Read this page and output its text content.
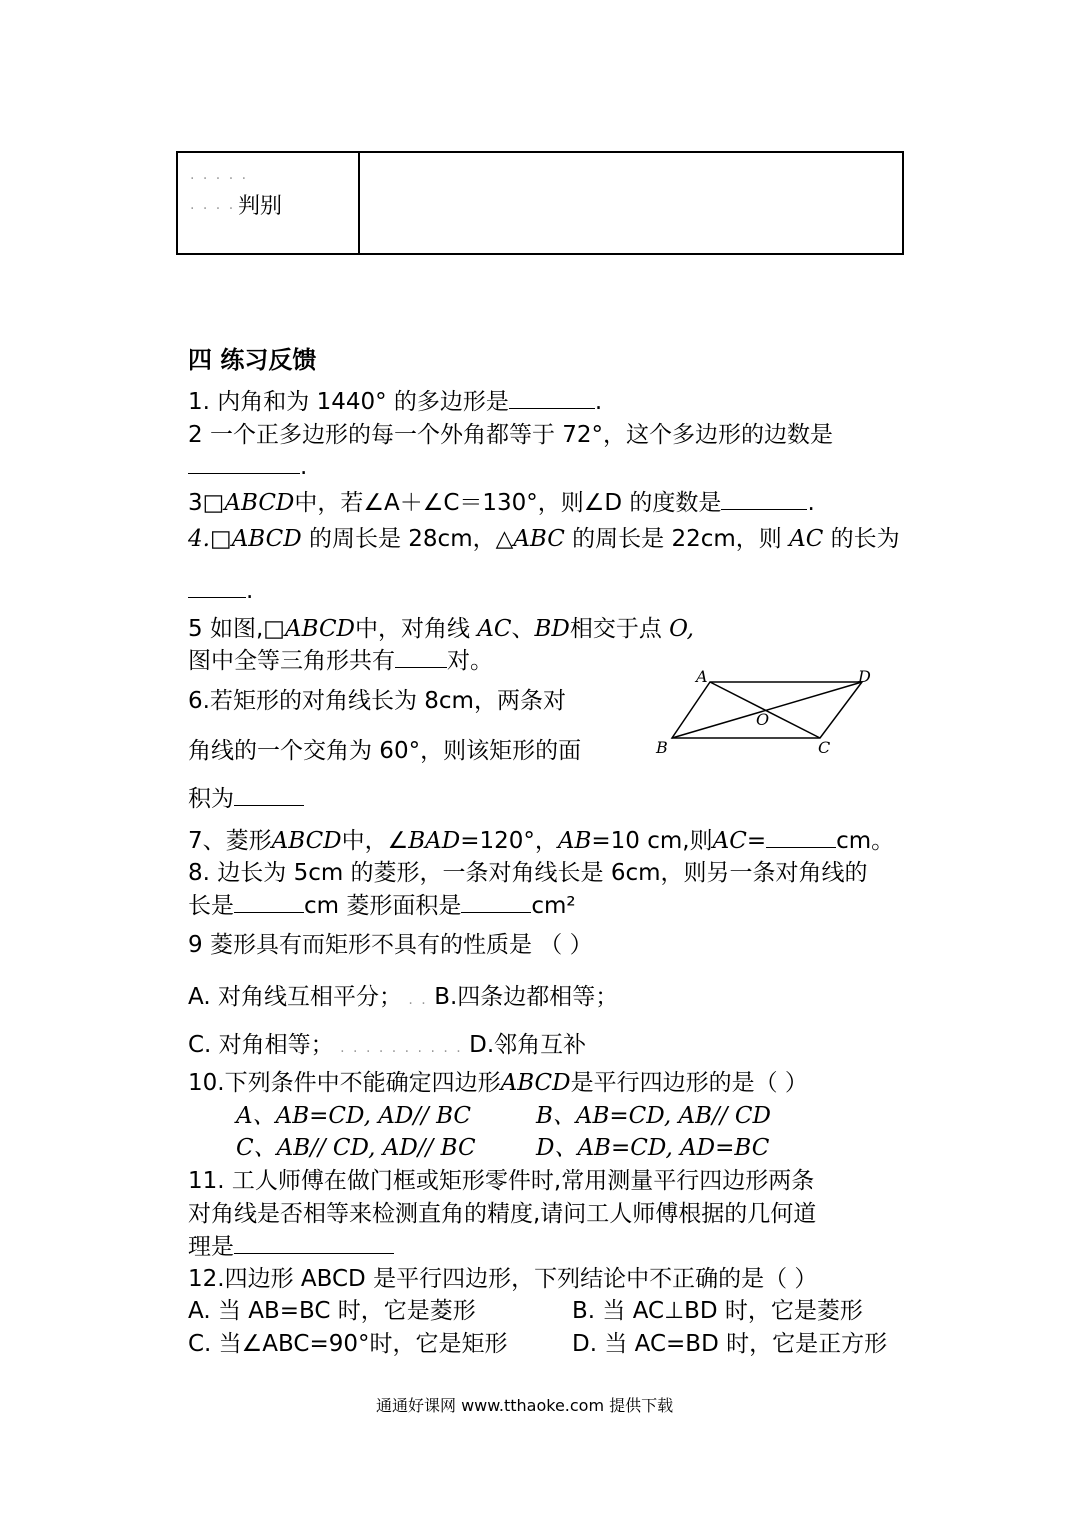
. . . . .
. . . . 判别
四 练习反馈
1. 内角和为 1440° 的多边形是	.
2 一个正多边形的每一个外角都等于 72°，这个多边形的边数是
.
3□ABCD中，若∠A＋∠C＝130°，则∠D 的度数是	.
4.□ABCD 的周长是 28cm，△ABC 的周长是 22cm，则 AC 的长为
.
5 如图,□ABCD中，对角线 AC、BD相交于点 O,
图中全等三角形共有 对。
A	D
B	C
O
6.若矩形的对角线长为 8cm，两条对
角线的一个交角为 60°，则该矩形的面
积为
7、菱形ABCD中，∠BAD=120°，AB=10 cm,则AC=	cm。
8. 边长为 5cm 的菱形，一条对角线长是 6cm，则另一条对角线的
长是	cm 菱形面积是	cm²
9 菱形具有而矩形不具有的性质是 （ ）
A. 对角线互相平分； . . B.四条边都相等；
C. 对角相等； . . . . . . . . . . D.邻角互补
10.下列条件中不能确定四边形ABCD是平行四边形的是（ ）
A、AB=CD, AD// BC	B、AB=CD, AB// CD
C、AB// CD, AD// BC	D、AB=CD, AD=BC
11. 工人师傅在做门框或矩形零件时,常用测量平行四边形两条
对角线是否相等来检测直角的精度,请问工人师傅根据的几何道
理是
12.四边形 ABCD 是平行四边形，下列结论中不正确的是（ ）
A. 当 AB=BC 时，它是菱形	B. 当 AC⊥BD 时，它是菱形
C. 当∠ABC=90°时，它是矩形	D. 当 AC=BD 时，它是正方形
通通好课网 www.tthaoke.com 提供下载
